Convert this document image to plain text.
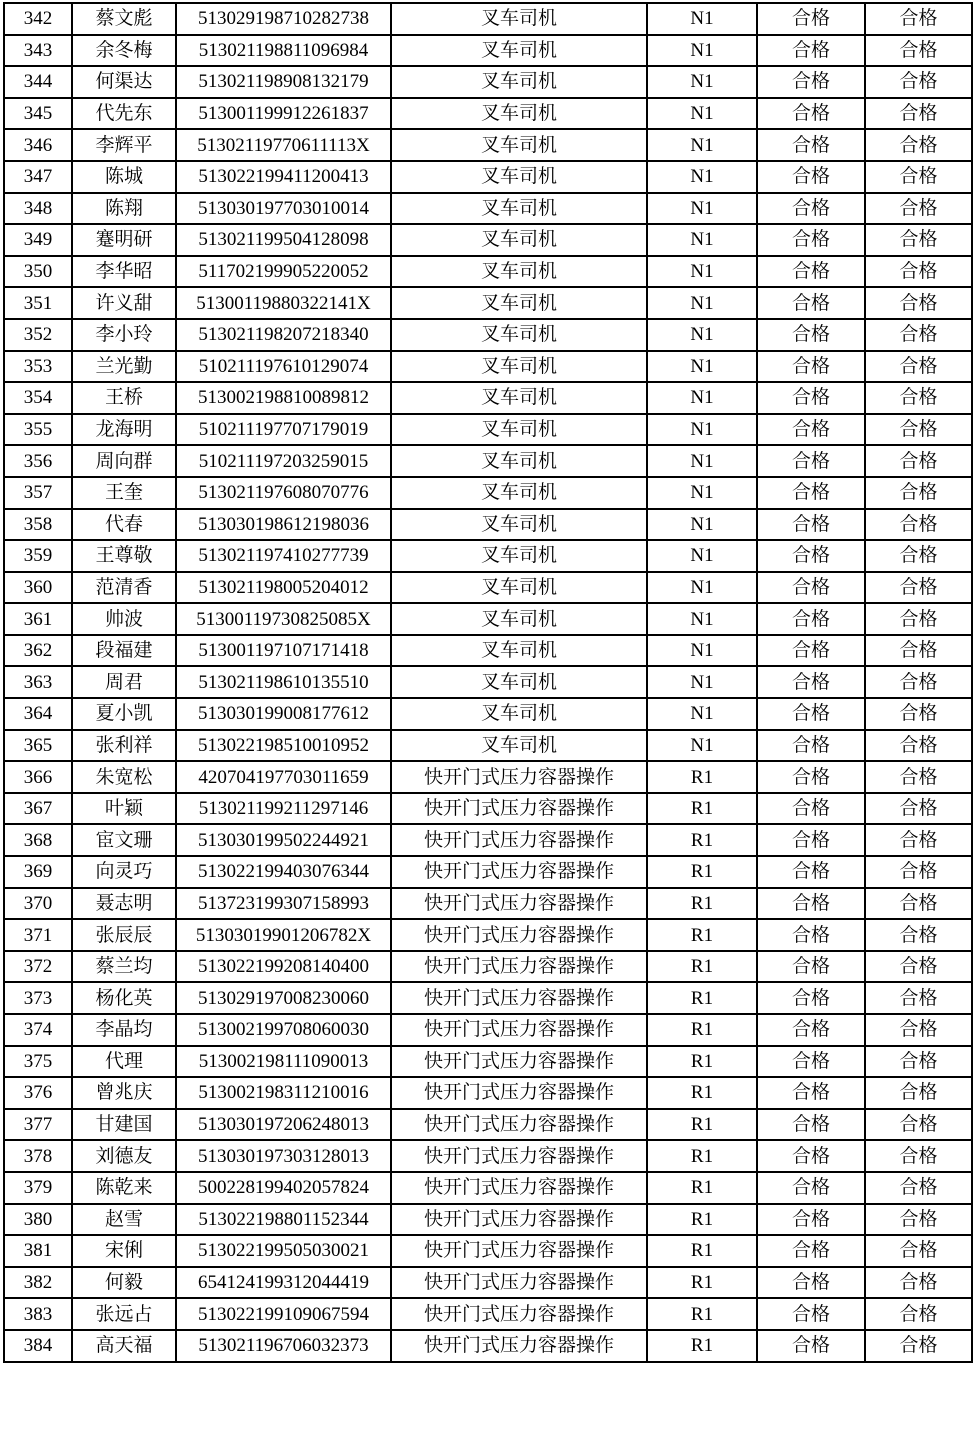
342	蔡文彪	513029198710282738	叉车司机	N1	合格	合格
343	余冬梅	513021198811096984	叉车司机	N1	合格	合格
344	何渠达	513021198908132179	叉车司机	N1	合格	合格
345	代先东	513001199912261837	叉车司机	N1	合格	合格
346	李辉平	51302119770611113X	叉车司机	N1	合格	合格
347	陈城	513022199411200413	叉车司机	N1	合格	合格
348	陈翔	513030197703010014	叉车司机	N1	合格	合格
349	蹇明研	513021199504128098	叉车司机	N1	合格	合格
350	李华昭	511702199905220052	叉车司机	N1	合格	合格
351	许义甜	51300119880322141X	叉车司机	N1	合格	合格
352	李小玲	513021198207218340	叉车司机	N1	合格	合格
353	兰光勤	510211197610129074	叉车司机	N1	合格	合格
354	王桥	513002198810089812	叉车司机	N1	合格	合格
355	龙海明	510211197707179019	叉车司机	N1	合格	合格
356	周向群	510211197203259015	叉车司机	N1	合格	合格
357	王奎	513021197608070776	叉车司机	N1	合格	合格
358	代春	513030198612198036	叉车司机	N1	合格	合格
359	王尊敬	513021197410277739	叉车司机	N1	合格	合格
360	范清香	513021198005204012	叉车司机	N1	合格	合格
361	帅波	51300119730825085X	叉车司机	N1	合格	合格
362	段福建	513001197107171418	叉车司机	N1	合格	合格
363	周君	513021198610135510	叉车司机	N1	合格	合格
364	夏小凯	513030199008177612	叉车司机	N1	合格	合格
365	张利祥	513022198510010952	叉车司机	N1	合格	合格
366	朱宽松	420704197703011659	快开门式压力容器操作	R1	合格	合格
367	叶颖	513021199211297146	快开门式压力容器操作	R1	合格	合格
368	宦文珊	513030199502244921	快开门式压力容器操作	R1	合格	合格
369	向灵巧	513022199403076344	快开门式压力容器操作	R1	合格	合格
370	聂志明	513723199307158993	快开门式压力容器操作	R1	合格	合格
371	张辰辰	51303019901206782X	快开门式压力容器操作	R1	合格	合格
372	蔡兰均	513022199208140400	快开门式压力容器操作	R1	合格	合格
373	杨化英	513029197008230060	快开门式压力容器操作	R1	合格	合格
374	李晶均	513002199708060030	快开门式压力容器操作	R1	合格	合格
375	代理	513002198111090013	快开门式压力容器操作	R1	合格	合格
376	曾兆庆	513002198311210016	快开门式压力容器操作	R1	合格	合格
377	甘建国	513030197206248013	快开门式压力容器操作	R1	合格	合格
378	刘德友	513030197303128013	快开门式压力容器操作	R1	合格	合格
379	陈乾来	500228199402057824	快开门式压力容器操作	R1	合格	合格
380	赵雪	513022198801152344	快开门式压力容器操作	R1	合格	合格
381	宋俐	513022199505030021	快开门式压力容器操作	R1	合格	合格
382	何毅	654124199312044419	快开门式压力容器操作	R1	合格	合格
383	张远占	513022199109067594	快开门式压力容器操作	R1	合格	合格
384	高天福	513021196706032373	快开门式压力容器操作	R1	合格	合格
